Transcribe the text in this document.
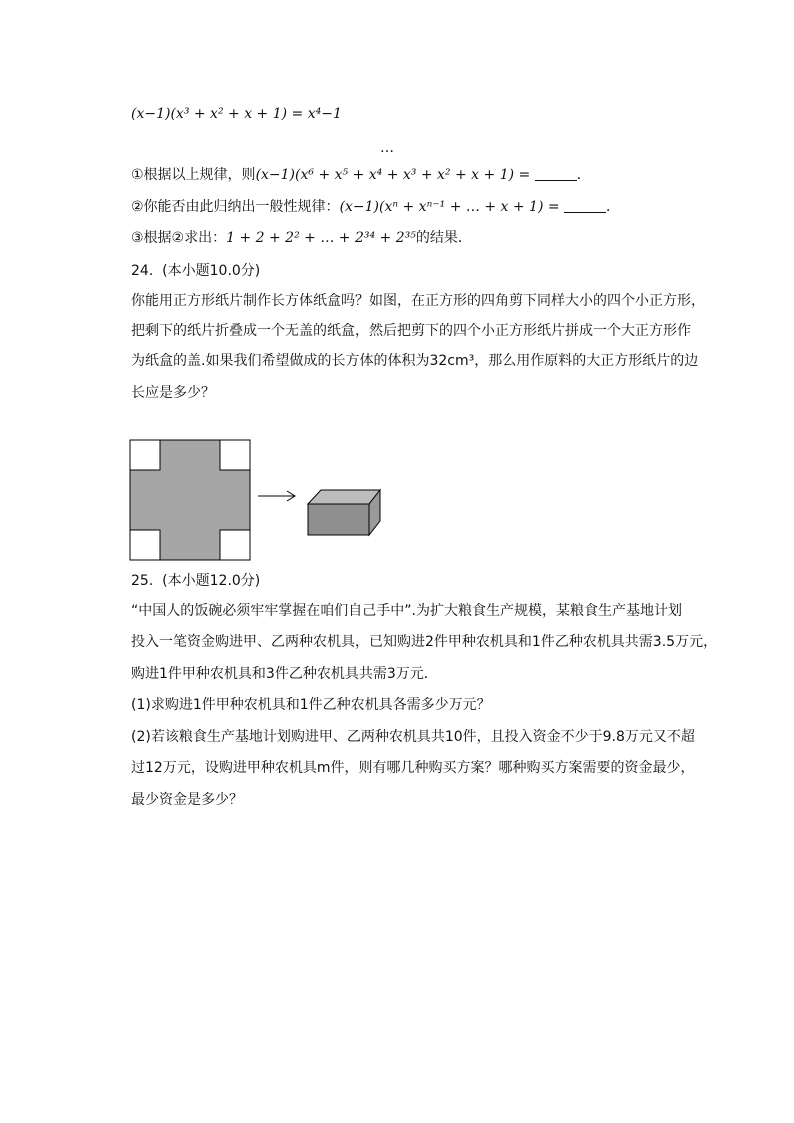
(x−1)(x³ + x² + x + 1) = x⁴−1
…
①根据以上规律，则(x−1)(x⁶ + x⁵ + x⁴ + x³ + x² + x + 1) =	．
②你能否由此归纳出一般性规律：(x−1)(xⁿ + xⁿ⁻¹ + … + x + 1) =	．
③根据②求出：1 + 2 + 2² + … + 2³⁴ + 2³⁵的结果．
24. (本小题10.0分)
你能用正方形纸片制作长方体纸盒吗？如图，在正方形的四角剪下同样大小的四个小正方形，
把剩下的纸片折叠成一个无盖的纸盒，然后把剪下的四个小正方形纸片拼成一个大正方形作
为纸盒的盖.如果我们希望做成的长方体的体积为32cm³，那么用作原料的大正方形纸片的边
长应是多少？
25. (本小题12.0分)
“中国人的饭碗必须牢牢掌握在咱们自己手中”.为扩大粮食生产规模，某粮食生产基地计划
投入一笔资金购进甲、乙两种农机具，已知购进2件甲种农机具和1件乙种农机具共需3.5万元，
购进1件甲种农机具和3件乙种农机具共需3万元．
(1)求购进1件甲种农机具和1件乙种农机具各需多少万元？
(2)若该粮食生产基地计划购进甲、乙两种农机具共10件，且投入资金不少于9.8万元又不超
过12万元，设购进甲种农机具m件，则有哪几种购买方案？哪种购买方案需要的资金最少，
最少资金是多少？
